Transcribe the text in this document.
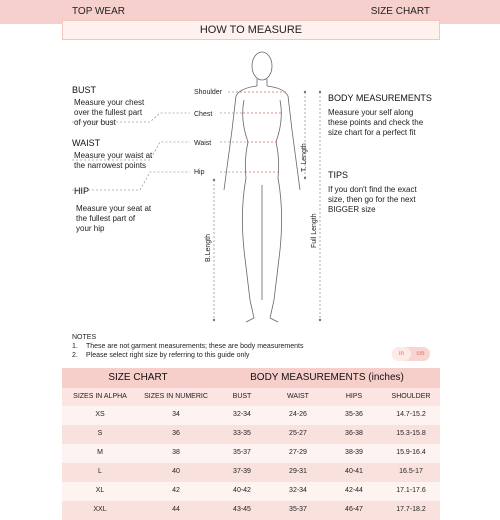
TOP WEAR	SIZE CHART
HOW TO MEASURE
BUST
Measure your chest
over the fullest part
of your bust
WAIST
Measure your waist at
the narrowest points
HIP
Measure your seat at
the fullest part of
your hip
Shoulder
Chest
Waist
Hip
T. Length
B.Length	Full Length
BODY MEASUREMENTS
Measure your self along
these points and check the
size chart for a perfect fit
TIPS
If you don't find the exact
size, then go for the next
BIGGER size
NOTES
1. These are not garment measurements; these are body measurements
2. Please select right size by referring to this guide only	in	cm
SIZE CHART	BODY MEASUREMENTS (inches)
SIZES IN ALPHA	SIZES IN NUMERIC	BUST	WAIST	HIPS	SHOULDER
XS	34	32-34	24-26	35-36	14.7-15.2
S	36	33-35	25-27	36-38	15.3-15.8
M	38	35-37	27-29	38-39	15.9-16.4
L	40	37-39	29-31	40-41	16.5-17
XL	42	40-42	32-34	42-44	17.1-17.6
XXL	44	43-45	35-37	46-47	17.7-18.2
